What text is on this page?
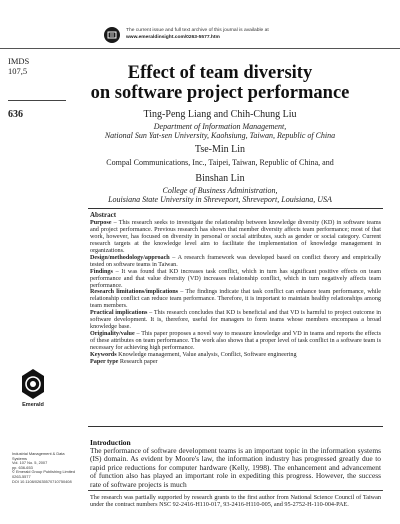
The current issue and full text archive of this journal is available at
www.emeraldinsight.com/0263-5577.htm
IMDS
107,5
636
Effect of team diversity
on software project performance
Ting-Peng Liang and Chih-Chung Liu
Department of Information Management,
National Sun Yat-sen University, Kaohsiung, Taiwan, Republic of China
Tse-Min Lin
Compal Communications, Inc., Taipei, Taiwan, Republic of China, and
Binshan Lin
College of Business Administration,
Louisiana State University in Shreveport, Shreveport, Louisiana, USA
Abstract

Purpose – This research seeks to investigate the relationship between knowledge diversity (KD) in software teams and project performance. Previous research has shown that member diversity affects team performance; most of that work, however, has focused on diversity in personal or social attributes, such as gender or social category. Current research targets at the knowledge level aim to facilitate the implementation of knowledge management in organizations.

Design/methodology/approach – A research framework was developed based on conflict theory and empirically tested on software teams in Taiwan.

Findings – It was found that KD increases task conflict, which in turn has significant positive effects on team performance and that value diversity (VD) increases relationship conflict, which in turn negatively affects team performance.

Research limitations/implications – The findings indicate that task conflict can enhance team performance, while relationship conflict can reduce team performance. Therefore, it is important to maintain healthy relationships among team members.

Practical implications – This research concludes that KD is beneficial and that VD is harmful to project outcome in software development. It is, therefore, useful for managers to form teams whose members encompass a broad knowledge base.

Originality/value – This paper proposes a novel way to measure knowledge and VD in teams and reports the effects of these attributes on team performance. The work also shows that a proper level of task conflict in a software team is necessary for achieving high performance.

Keywords Knowledge management, Value analysis, Conflict, Software engineering

Paper type Research paper

Emerald
Industrial Management & Data
Systems
Vol. 107 No. 5, 2007
pp. 636-653
© Emerald Group Publishing Limited
0263-5577
DOI 10.1108/02635570710750408
Introduction
The performance of software development teams is an important topic in the information systems (IS) domain. As evident by Moore's law, the information industry has progressed greatly due to rapid price reductions for computer hardware (Kelly, 1998). The enhancement and advancement of function also has played an important role in expediting this progress. However, the success rate of software projects is much
The research was partially supported by research grants to the first author from National Science Council of Taiwan under the contract numbers NSC 92-2416-H110-017, 93-2416-H110-005, and 95-2752-H-110-004-PAE.
